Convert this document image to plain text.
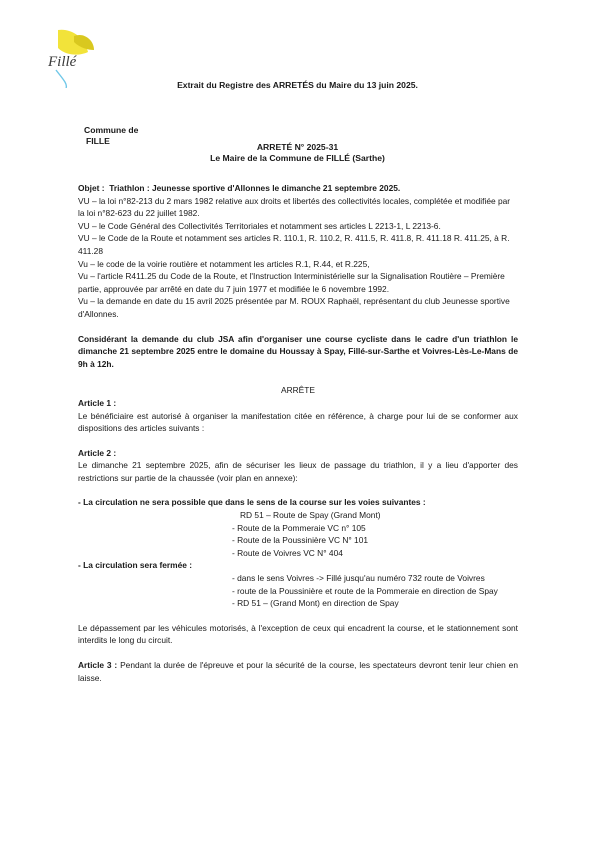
Fillé
Extrait du Registre des ARRETÉS du Maire du 13 juin 2025.
Commune de
FILLE
ARRETÉ N° 2025-31
Le Maire de la Commune de FILLÉ (Sarthe)

Objet : Triathlon : Jeunesse sportive d'Allonnes le dimanche 21 septembre 2025.

VU – la loi n°82-213 du 2 mars 1982 relative aux droits et libertés des collectivités locales, complétée et modifiée par la loi n°82-623 du 22 juillet 1982.

VU – le Code Général des Collectivités Territoriales et notamment ses articles L 2213-1, L 2213-6.

VU – le Code de la Route et notamment ses articles R. 110.1, R. 110.2, R. 411.5, R. 411.8, R. 411.18 R. 411.25, à R. 411.28

Vu – le code de la voirie routière et notamment les articles R.1, R.44, et R.225,

Vu – l'article R411.25 du Code de la Route, et l'Instruction Interministérielle sur la Signalisation Routière – Première partie, approuvée par arrêté en date du 7 juin 1977 et modifiée le 6 novembre 1992.

Vu – la demande en date du 15 avril 2025 présentée par M. ROUX Raphaël, représentant du club Jeunesse sportive d'Allonnes.

Considérant la demande du club JSA afin d'organiser une course cycliste dans le cadre d'un triathlon le dimanche 21 septembre 2025 entre le domaine du Houssay à Spay, Fillé-sur-Sarthe et Voivres-Lès-Le-Mans de 9h à 12h.

ARRÊTE

Article 1 :

Le bénéficiaire est autorisé à organiser la manifestation citée en référence, à charge pour lui de se conformer aux dispositions des articles suivants :

Article 2 :

Le dimanche 21 septembre 2025, afin de sécuriser les lieux de passage du triathlon, il y a lieu d'apporter des restrictions sur partie de la chaussée (voir plan en annexe):

- La circulation ne sera possible que dans le sens de la course sur les voies suivantes :

RD 51 – Route de Spay (Grand Mont)

- Route de la Pommeraie VC n° 105

- Route de la Poussinière VC N° 101

- Route de Voivres VC N° 404

- La circulation sera fermée :

- dans le sens Voivres -> Fillé jusqu'au numéro 732 route de Voivres

- route de la Poussinière et route de la Pommeraie en direction de Spay

- RD 51 – (Grand Mont) en direction de Spay

Le dépassement par les véhicules motorisés, à l'exception de ceux qui encadrent la course, et le stationnement sont interdits le long du circuit.

Article 3 : Pendant la durée de l'épreuve et pour la sécurité de la course, les spectateurs devront tenir leur chien en laisse.
